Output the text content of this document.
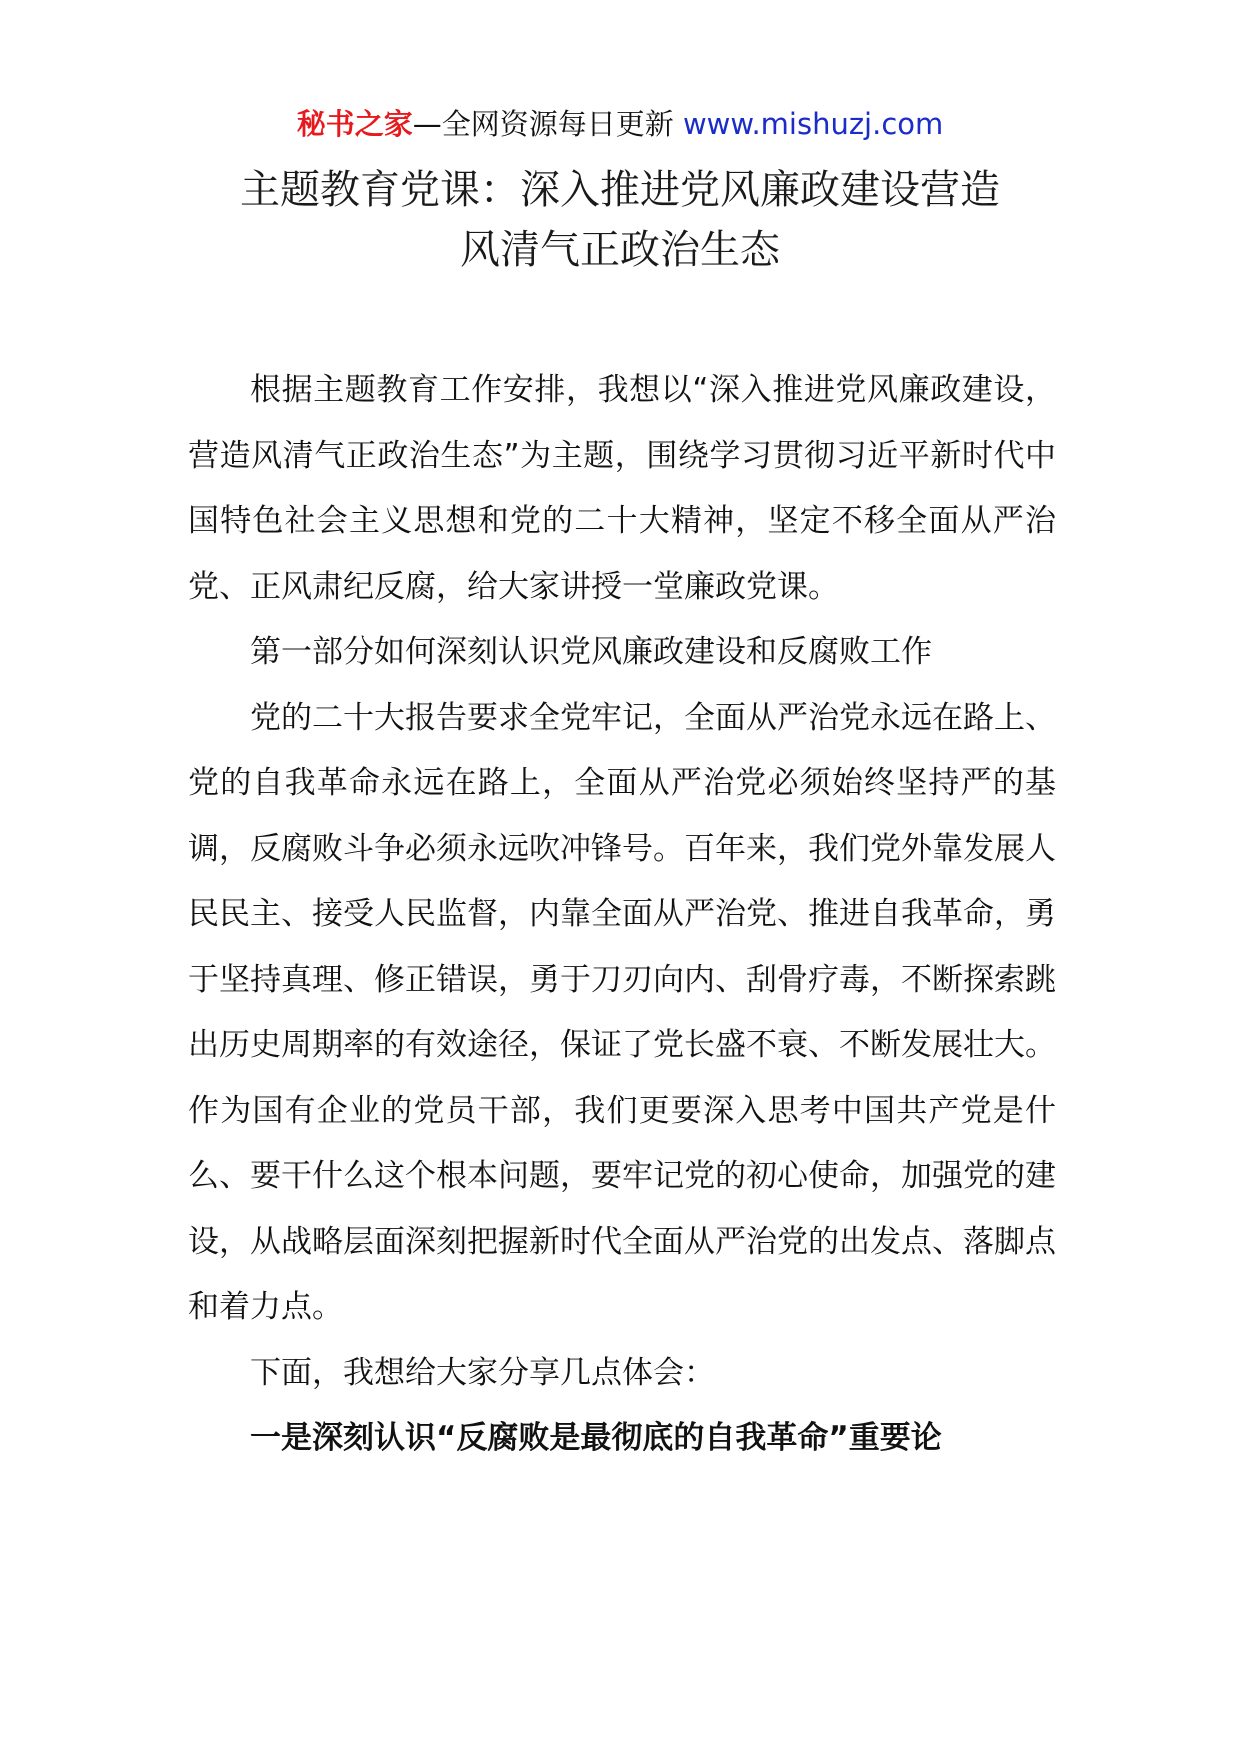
秘书之家—全网资源每日更新 www.mishuzj.com
主题教育党课：深入推进党风廉政建设营造
风清气正政治生态

根据主题教育工作安排，我想以“深入推进党风廉政建设，营造风清气正政治生态”为主题，围绕学习贯彻习近平新时代中国特色社会主义思想和党的二十大精神，坚定不移全面从严治党、正风肃纪反腐，给大家讲授一堂廉政党课。

第一部分如何深刻认识党风廉政建设和反腐败工作

党的二十大报告要求全党牢记，全面从严治党永远在路上、党的自我革命永远在路上，全面从严治党必须始终坚持严的基调，反腐败斗争必须永远吹冲锋号。百年来，我们党外靠发展人民民主、接受人民监督，内靠全面从严治党、推进自我革命，勇于坚持真理、修正错误，勇于刀刃向内、刮骨疗毒，不断探索跳出历史周期率的有效途径，保证了党长盛不衰、不断发展壮大。作为国有企业的党员干部，我们更要深入思考中国共产党是什么、要干什么这个根本问题，要牢记党的初心使命，加强党的建设，从战略层面深刻把握新时代全面从严治党的出发点、落脚点和着力点。

下面，我想给大家分享几点体会：

一是深刻认识“反腐败是最彻底的自我革命”重要论
